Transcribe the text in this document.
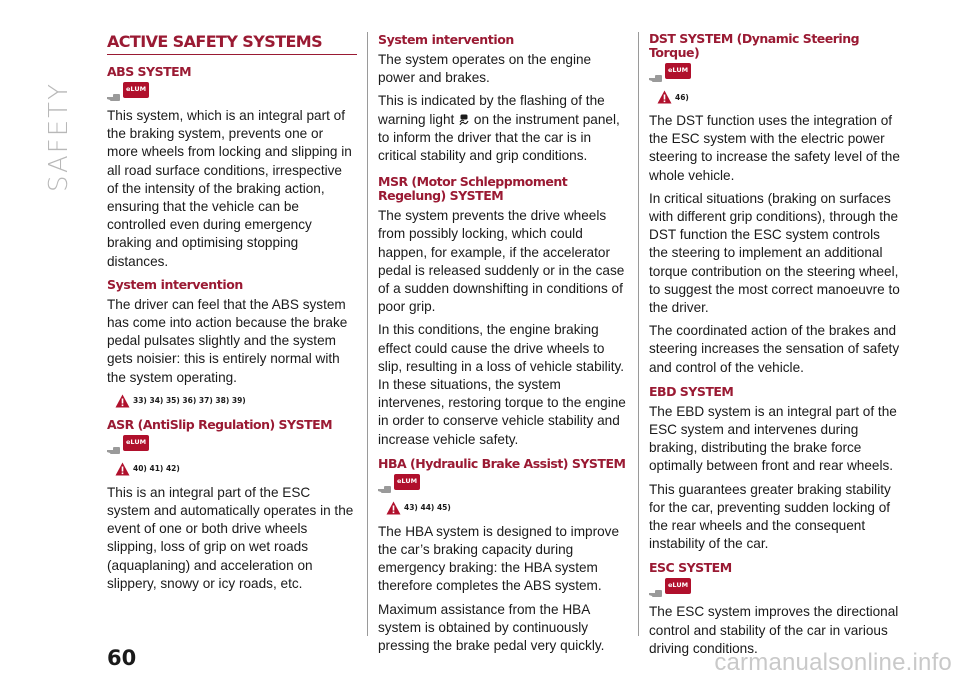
SAFETY
ACTIVE SAFETY SYSTEMS
ABS SYSTEM
eLUM

This system, which is an integral part of the braking system, prevents one or more wheels from locking and slipping in all road surface conditions, irrespective of the intensity of the braking action, ensuring that the vehicle can be controlled even during emergency braking and optimising stopping distances.

System intervention

The driver can feel that the ABS system has come into action because the brake pedal pulsates slightly and the system gets noisier: this is entirely normal with the system operating.

33) 34) 35) 36) 37) 38) 39)
ASR (AntiSlip Regulation) SYSTEM
eLUM
40) 41) 42)

This is an integral part of the ESC system and automatically operates in the event of one or both drive wheels slipping, loss of grip on wet roads (aquaplaning) and acceleration on slippery, snowy or icy roads, etc.

System intervention

The system operates on the engine power and brakes.

This is indicated by the flashing of the warning light on the instrument panel, to inform the driver that the car is in critical stability and grip conditions.

MSR (Motor Schleppmoment Regelung) SYSTEM

The system prevents the drive wheels from possibly locking, which could happen, for example, if the accelerator pedal is released suddenly or in the case of a sudden downshifting in conditions of poor grip.

In this conditions, the engine braking effect could cause the drive wheels to slip, resulting in a loss of vehicle stability. In these situations, the system intervenes, restoring torque to the engine in order to conserve vehicle stability and increase vehicle safety.

HBA (Hydraulic Brake Assist) SYSTEM
eLUM
43) 44) 45)

The HBA system is designed to improve the car’s braking capacity during emergency braking: the HBA system therefore completes the ABS system.

Maximum assistance from the HBA system is obtained by continuously pressing the brake pedal very quickly.

DST SYSTEM (Dynamic Steering Torque)
eLUM
46)

The DST function uses the integration of the ESC system with the electric power steering to increase the safety level of the whole vehicle.

In critical situations (braking on surfaces with different grip conditions), through the DST function the ESC system controls the steering to implement an additional torque contribution on the steering wheel, to suggest the most correct manoeuvre to the driver.

The coordinated action of the brakes and steering increases the sensation of safety and control of the vehicle.

EBD SYSTEM

The EBD system is an integral part of the ESC system and intervenes during braking, distributing the brake force optimally between front and rear wheels.

This guarantees greater braking stability for the car, preventing sudden locking of the rear wheels and the consequent instability of the car.

ESC SYSTEM
eLUM

The ESC system improves the directional control and stability of the car in various driving conditions.

60	carmanualsonline.info
